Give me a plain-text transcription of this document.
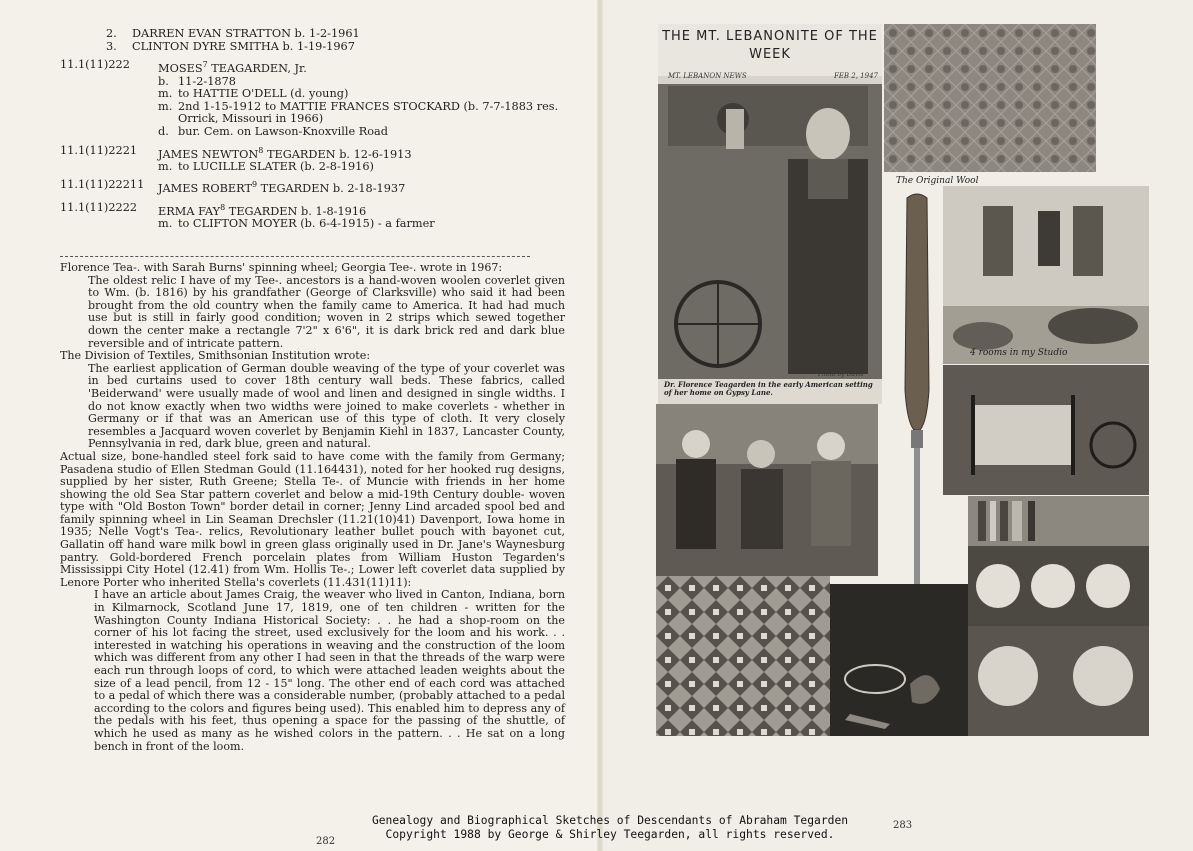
2. DARREN EVAN STRATTON b. 1-2-1961
3. CLINTON DYRE SMITHA b. 1-19-1967
11.1(11)222	MOSES$^7$ TEAGARDEN, Jr.
b. 11-2-1878
m. to HATTIE O'DELL (d. young)
m. 2nd 1-15-1912 to MATTIE FRANCES STOCKARD (b. 7-7-1883 res. Orrick, Missouri in 1966)
d. bur. Cem. on Lawson-Knoxville Road
11.1(11)2221	JAMES NEWTON$^8$ TEGARDEN b. 12-6-1913
m. to LUCILLE SLATER (b. 2-8-1916)
11.1(11)22211	JAMES ROBERT$^9$ TEGARDEN b. 2-18-1937
11.1(11)2222	ERMA FAY$^8$ TEGARDEN b. 1-8-1916
m. to CLIFTON MOYER (b. 6-4-1915) - a farmer

Florence Tea-. with Sarah Burns' spinning wheel; Georgia Tee-. wrote in 1967:

The oldest relic I have of my Tee-. ancestors is a hand-woven woolen coverlet given to Wm. (b. 1816) by his grandfather (George of Clarksville) who said it had been brought from the old country when the family came to America. It had had much use but is still in fairly good condition; woven in 2 strips which sewed together down the center make a rectangle 7'2" x 6'6", it is dark brick red and dark blue reversible and of intricate pattern.

The Division of Textiles, Smithsonian Institution wrote:

The earliest application of German double weaving of the type of your coverlet was in bed curtains used to cover 18th century wall beds. These fabrics, called 'Beiderwand' were usually made of wool and linen and designed in single widths. I do not know exactly when two widths were joined to make coverlets - whether in Germany or if that was an American use of this type of cloth. It very closely resembles a Jacquard woven coverlet by Benjamin Kiehl in 1837, Lancaster County, Pennsylvania in red, dark blue, green and natural.

Actual size, bone-handled steel fork said to have come with the family from Germany; Pasadena studio of Ellen Stedman Gould (11.164431), noted for her hooked rug designs, supplied by her sister, Ruth Greene; Stella Te-. of Muncie with friends in her home showing the old Sea Star pattern coverlet and below a mid-19th Century double- woven type with "Old Boston Town" border detail in corner; Jenny Lind arcaded spool bed and family spinning wheel in Lin Seaman Drechsler (11.21(10)41) Davenport, Iowa home in 1935; Nelle Vogt's Tea-. relics, Revolutionary leather bullet pouch with bayonet cut, Gallatin off hand ware milk bowl in green glass originally used in Dr. Jane's Waynesburg pantry. Gold-bordered French porcelain plates from William Huston Tegarden's Mississippi City Hotel (12.41) from Wm. Hollis Te-.; Lower left coverlet data supplied by Lenore Porter who inherited Stella's coverlets (11.431(11)11):

I have an article about James Craig, the weaver who lived in Canton, Indiana, born in Kilmarnock, Scotland June 17, 1819, one of ten children - written for the Washington County Indiana Historical Society: . . he had a shop-room on the corner of his lot facing the street, used exclusively for the loom and his work. . . interested in watching his operations in weaving and the construction of the loom which was different from any other I had seen in that the threads of the warp were each run through loops of cord, to which were attached leaden weights about the size of a lead pencil, from 12 - 15" long. The other end of each cord was attached to a pedal of which there was a considerable number, (probably attached to a pedal according to the colors and figures being used). This enabled him to depress any of the pedals with his feet, thus opening a space for the passing of the shuttle, of which he used as many as he wished colors in the pattern. . . He sat on a long bench in front of the loom.

THE MT. LEBANONITE OF THE WEEK
MT. LEBANON NEWS	FEB 2, 1947
Photo by Davis
Dr. Florence Teagarden in the early American setting of her home on Gypsy Lane.
The Original Wool
4 rooms in my Studio
Genealogy and Biographical Sketches of Descendants of Abraham Tegarden
Copyright 1988 by George & Shirley Teegarden, all rights reserved.
282
283
